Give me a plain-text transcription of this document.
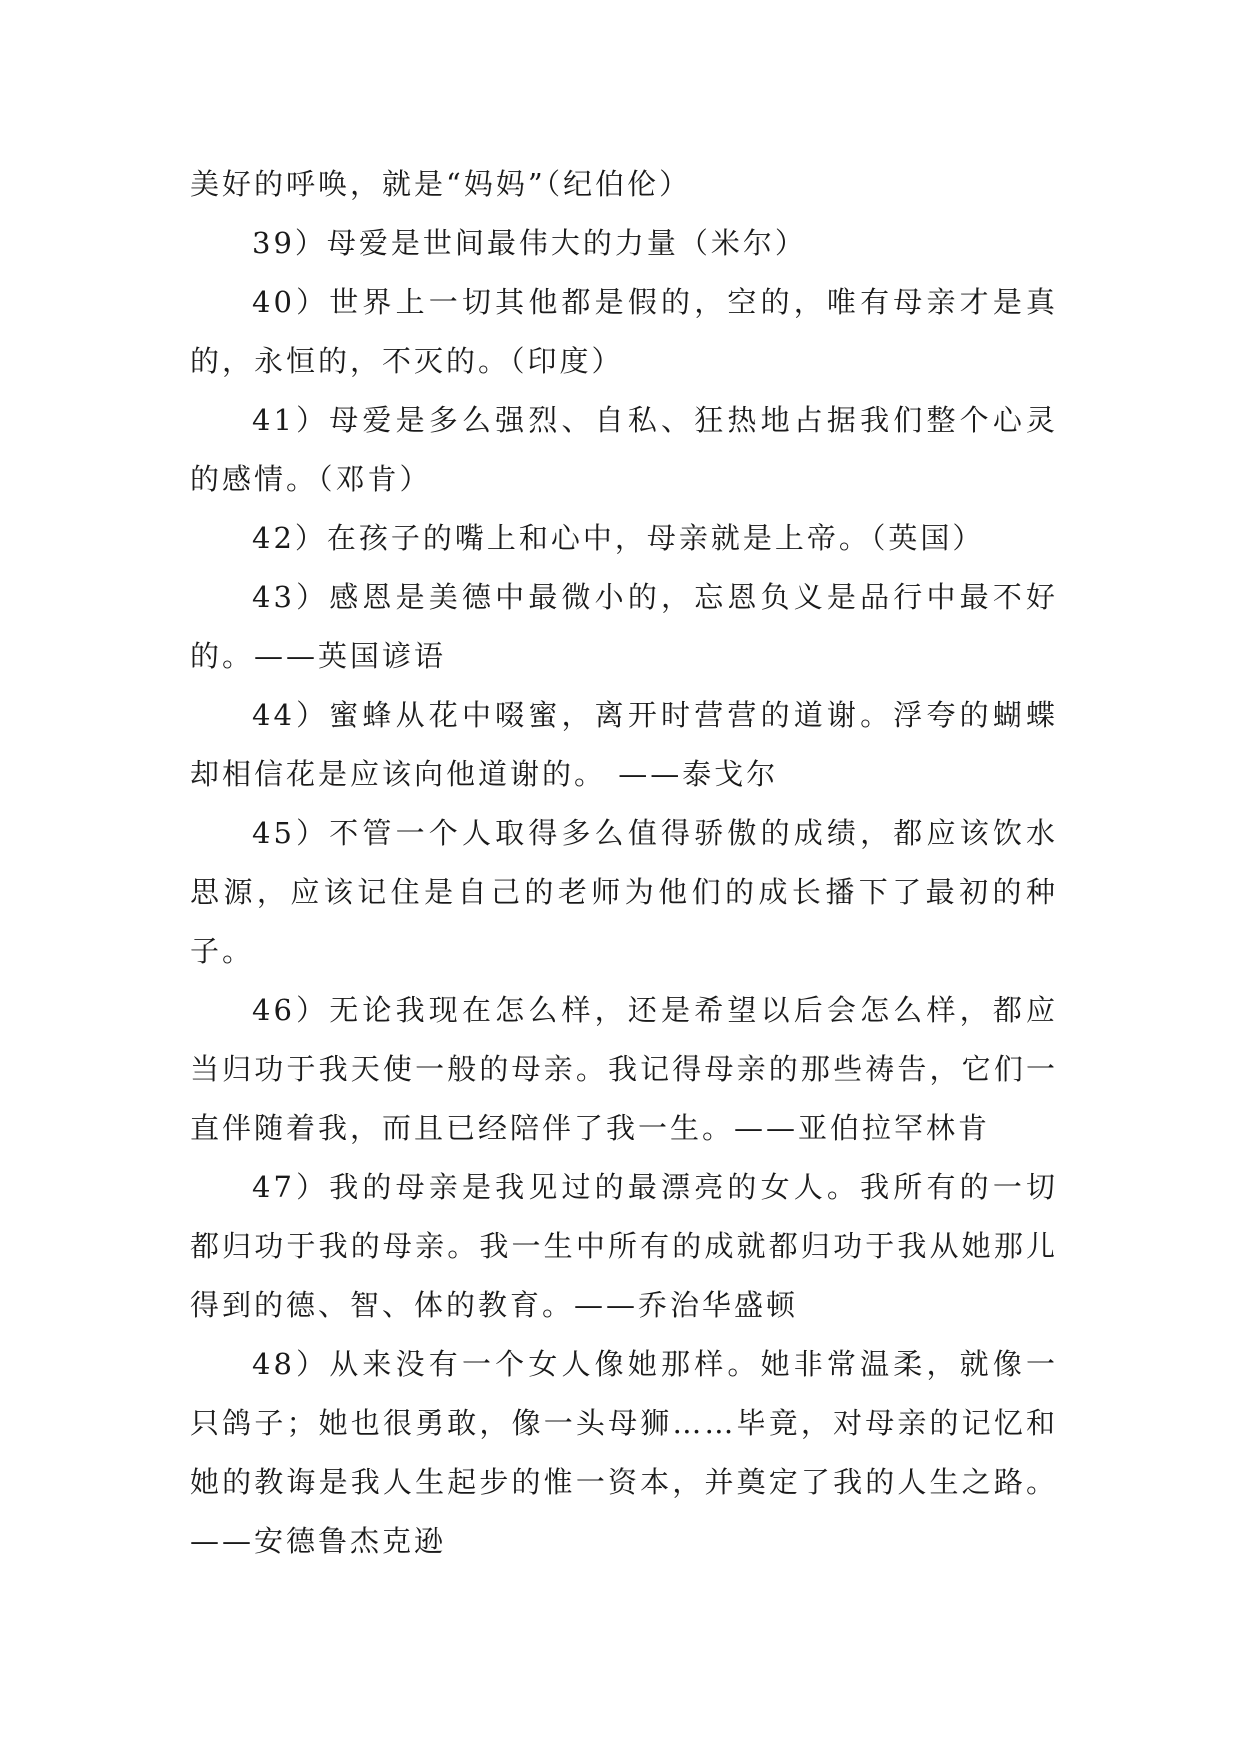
美好的呼唤，就是“妈妈”（纪伯伦）

39）母爱是世间最伟大的力量（米尔）

40）世界上一切其他都是假的，空的，唯有母亲才是真的，永恒的，不灭的。（印度）

41）母爱是多么强烈、自私、狂热地占据我们整个心灵的感情。（邓肯）

42）在孩子的嘴上和心中，母亲就是上帝。（英国）

43）感恩是美德中最微小的，忘恩负义是品行中最不好的。——英国谚语

44）蜜蜂从花中啜蜜，离开时营营的道谢。浮夸的蝴蝶却相信花是应该向他道谢的。 ——泰戈尔

45）不管一个人取得多么值得骄傲的成绩，都应该饮水思源，应该记住是自己的老师为他们的成长播下了最初的种子。

46）无论我现在怎么样，还是希望以后会怎么样，都应当归功于我天使一般的母亲。我记得母亲的那些祷告，它们一直伴随着我，而且已经陪伴了我一生。——亚伯拉罕林肯

47）我的母亲是我见过的最漂亮的女人。我所有的一切都归功于我的母亲。我一生中所有的成就都归功于我从她那儿得到的德、智、体的教育。——乔治华盛顿

48）从来没有一个女人像她那样。她非常温柔，就像一只鸽子；她也很勇敢，像一头母狮……毕竟，对母亲的记忆和她的教诲是我人生起步的惟一资本，并奠定了我的人生之路。——安德鲁杰克逊
